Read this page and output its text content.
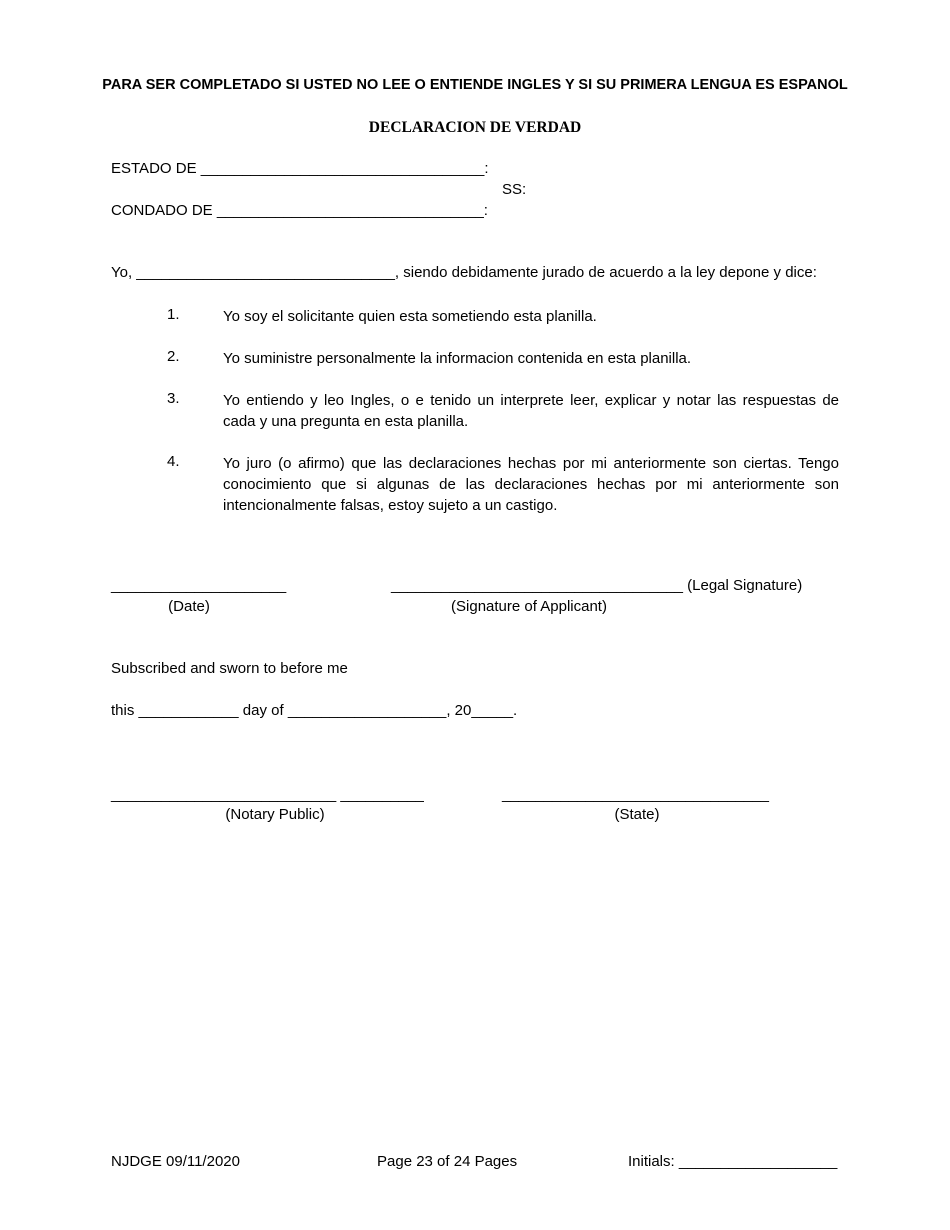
PARA SER COMPLETADO SI USTED NO LEE O ENTIENDE INGLES Y SI SU PRIMERA LENGUA ES ESPANOL
DECLARACION DE VERDAD
ESTADO DE __________________________________:
SS:
CONDADO DE ________________________________:
Yo, _______________________________, siendo debidamente jurado de acuerdo a la ley depone y dice:
1.	Yo soy el solicitante quien esta sometiendo esta planilla.
2.	Yo suministre personalmente la informacion contenida en esta planilla.
3.	Yo entiendo y leo Ingles, o e tenido un interprete leer, explicar y notar las respuestas de cada y una pregunta en esta planilla.
4.	Yo juro (o afirmo) que las declaraciones hechas por mi anteriormente son ciertas. Tengo conocimiento que si algunas de las declaraciones hechas por mi anteriormente son intencionalmente falsas, estoy sujeto a un castigo.
_____________________
(Date)
___________________________________ (Legal Signature)
(Signature of Applicant)
Subscribed and sworn to before me
this ____________ day of ___________________, 20_____.
___________________________ __________
(Notary Public)
________________________________
(State)
NJDGE 09/11/2020	Page 23 of 24 Pages	Initials: ___________________
